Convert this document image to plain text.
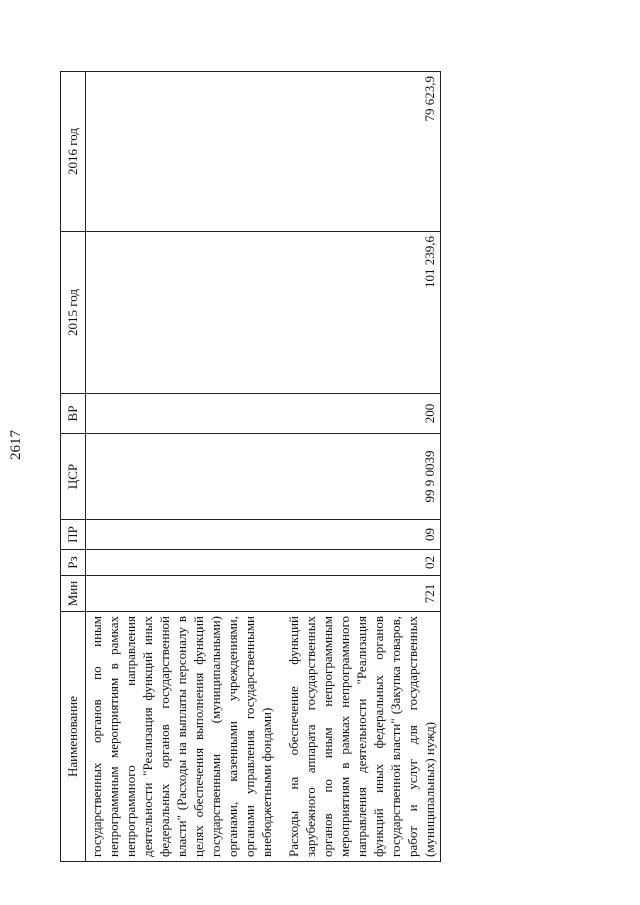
2617
Наименование	Мин	Рз	ПР	ЦСР	ВР	2015 год	2016 год
государственных органов по иным непрограммным мероприятиям в рамках непрограммного направления деятельности "Реализация функций иных федеральных органов государственной власти" (Расходы на выплаты персоналу в целях обеспечения выполнения функций государственными (муниципальными) органами, казенными учреждениями, органами управления государственными внебюджетными фондами)							
Расходы на обеспечение функций зарубежного аппарата государственных органов по иным непрограммным мероприятиям в рамках непрограммного направления деятельности "Реализация функций иных федеральных органов государственной власти" (Закупка товаров, работ и услуг для государственных (муниципальных) нужд)	721	02	09	99 9 0039	200	101 239,6	79 623,9
